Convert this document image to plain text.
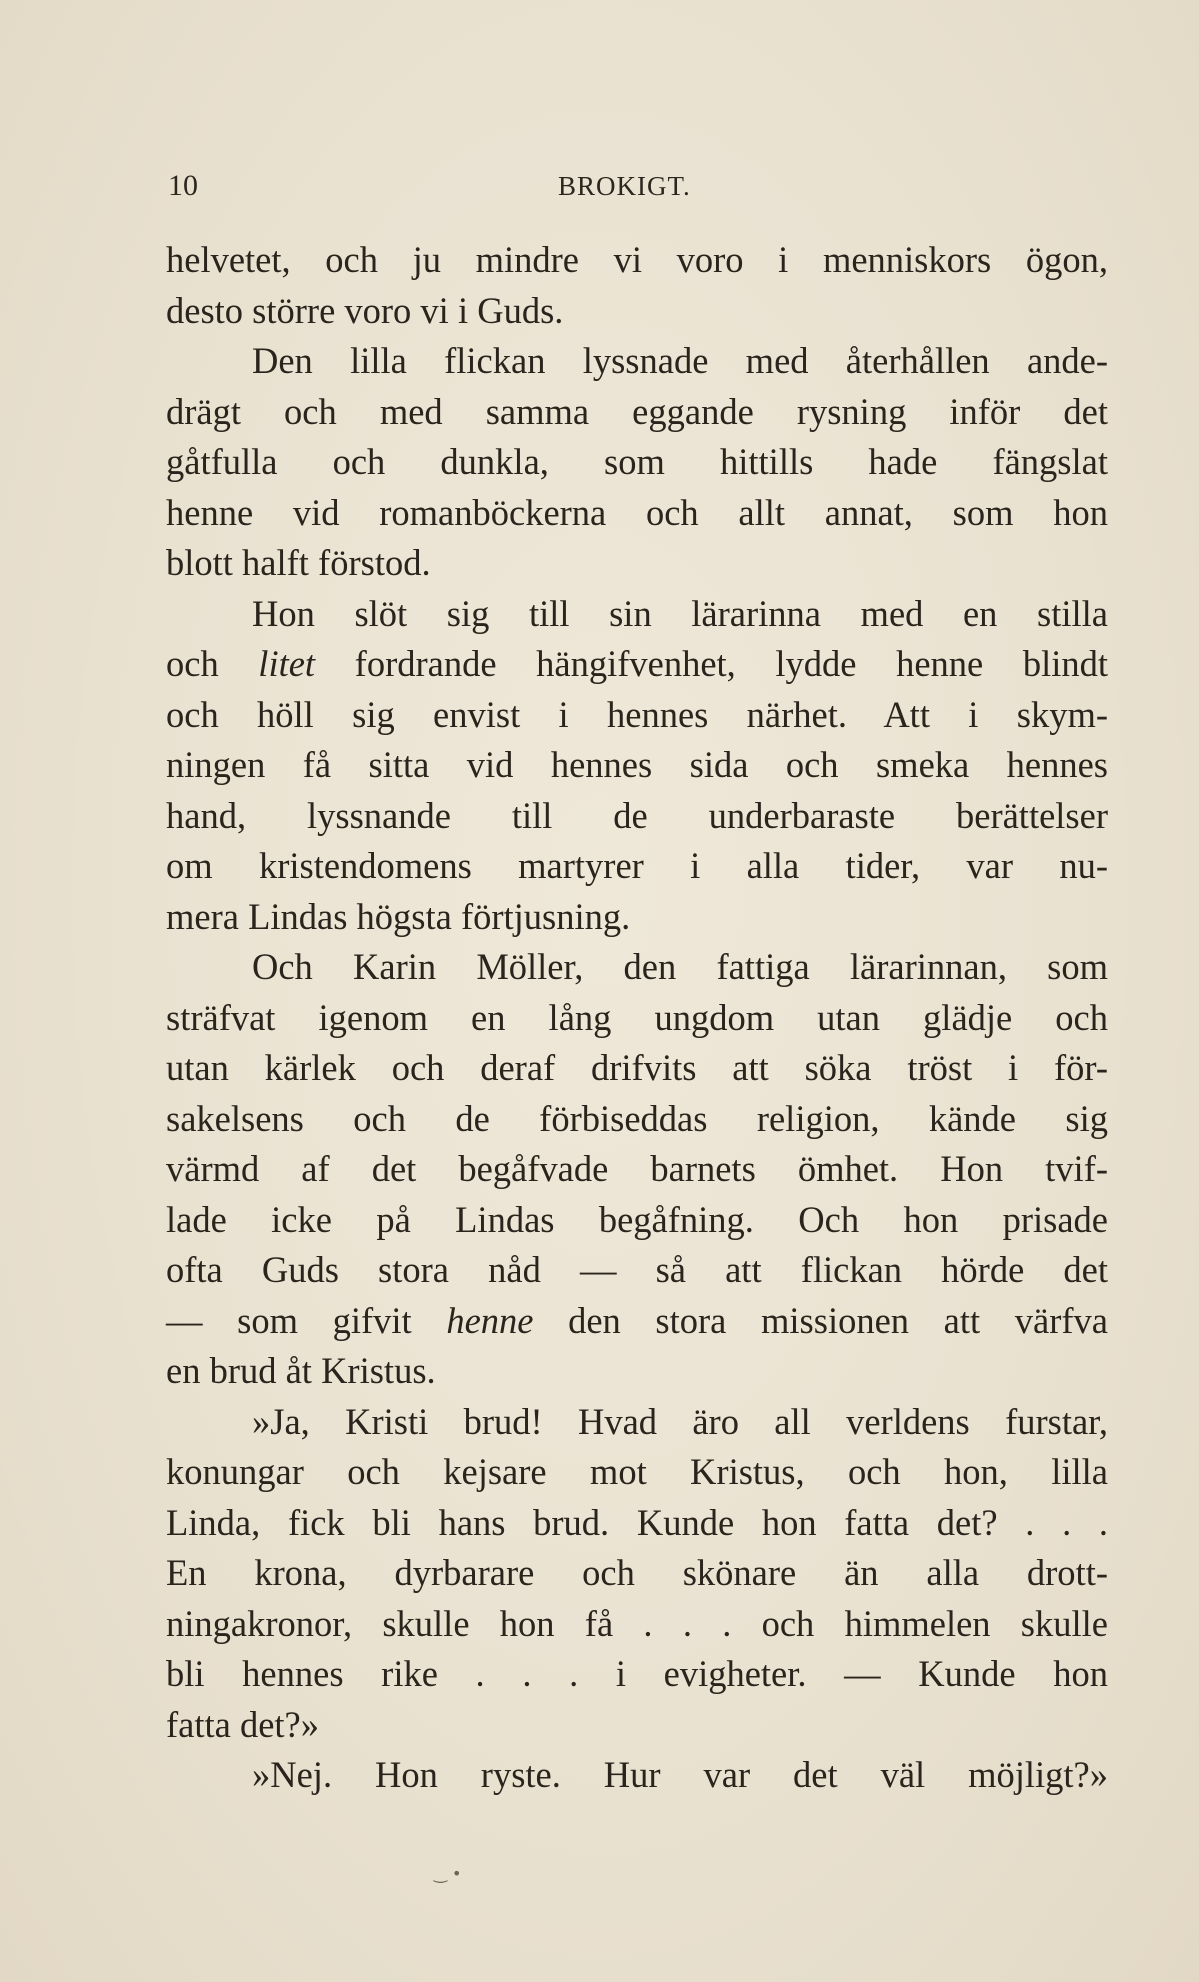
10	BROKIGT.
helvetet, och ju mindre vi voro i menniskors ögon,
desto större voro vi i Guds.
Den lilla flickan lyssnade med återhållen ande-
drägt och med samma eggande rysning inför det
gåtfulla och dunkla, som hittills hade fängslat
henne vid romanböckerna och allt annat, som hon
blott halft förstod.
Hon slöt sig till sin lärarinna med en stilla
och litet fordrande hängifvenhet, lydde henne blindt
och höll sig envist i hennes närhet. Att i skym-
ningen få sitta vid hennes sida och smeka hennes
hand, lyssnande till de underbaraste berättelser
om kristendomens martyrer i alla tider, var nu-
mera Lindas högsta förtjusning.
Och Karin Möller, den fattiga lärarinnan, som
sträfvat igenom en lång ungdom utan glädje och
utan kärlek och deraf drifvits att söka tröst i för-
sakelsens och de förbiseddas religion, kände sig
värmd af det begåfvade barnets ömhet. Hon tvif-
lade icke på Lindas begåfning. Och hon prisade
ofta Guds stora nåd — så att flickan hörde det
— som gifvit henne den stora missionen att värfva
en brud åt Kristus.
»Ja, Kristi brud! Hvad äro all verldens furstar,
konungar och kejsare mot Kristus, och hon, lilla
Linda, fick bli hans brud. Kunde hon fatta det? . . .
En krona, dyrbarare och skönare än alla drott-
ningakronor, skulle hon få . . . och himmelen skulle
bli hennes rike . . . i evigheter. — Kunde hon
fatta det?»
»Nej. Hon ryste. Hur var det väl möjligt?»
‿ •
